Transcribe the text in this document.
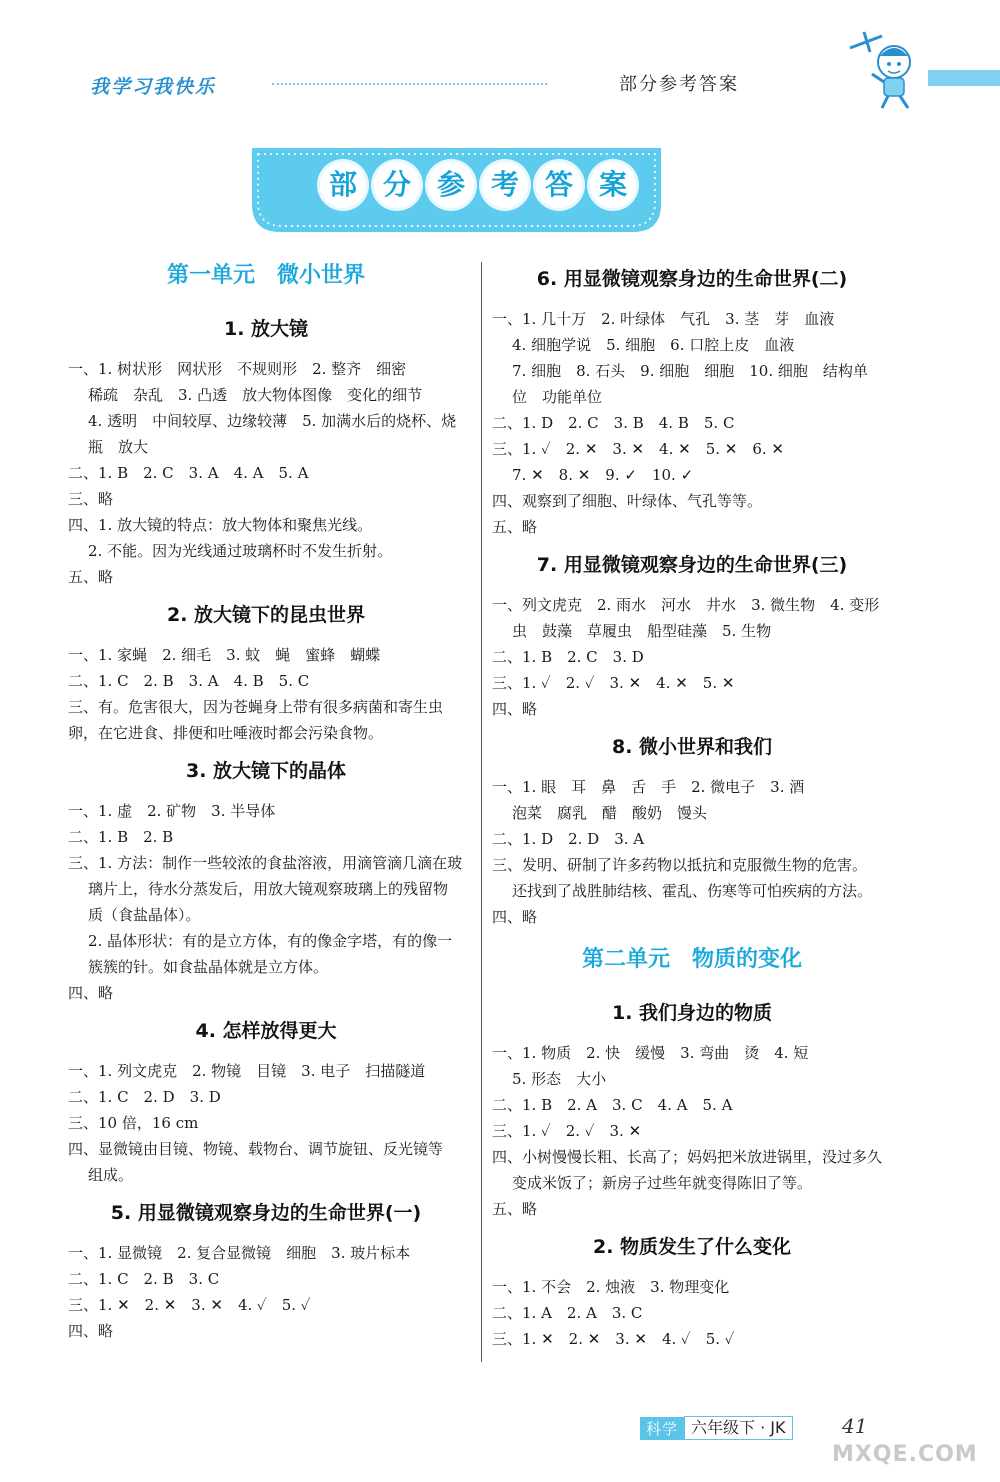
我学习我快乐	部分参考答案
部 分 参 考 答 案
第一单元　微小世界
1. 放大镜
一、1. 树状形　网状形　不规则形　2. 整齐　细密
稀疏　杂乱　3. 凸透　放大物体图像　变化的细节
4. 透明　中间较厚、边缘较薄　5. 加满水后的烧杯、烧
瓶　放大
二、1. B　2. C　3. A　4. A　5. A
三、略
四、1. 放大镜的特点：放大物体和聚焦光线。
2. 不能。因为光线通过玻璃杯时不发生折射。
五、略
2. 放大镜下的昆虫世界
一、1. 家蝇　2. 细毛　3. 蚊　蝇　蜜蜂　蝴蝶
二、1. C　2. B　3. A　4. B　5. C
三、有。危害很大，因为苍蝇身上带有很多病菌和寄生虫
卵，在它进食、排便和吐唾液时都会污染食物。
3. 放大镜下的晶体
一、1. 虚　2. 矿物　3. 半导体
二、1. B　2. B
三、1. 方法：制作一些较浓的食盐溶液，用滴管滴几滴在玻
璃片上，待水分蒸发后，用放大镜观察玻璃上的残留物
质（食盐晶体）。
2. 晶体形状：有的是立方体，有的像金字塔，有的像一
簇簇的针。如食盐晶体就是立方体。
四、略
4. 怎样放得更大
一、1. 列文虎克　2. 物镜　目镜　3. 电子　扫描隧道
二、1. C　2. D　3. D
三、10 倍，16 cm
四、显微镜由目镜、物镜、载物台、调节旋钮、反光镜等
组成。
5. 用显微镜观察身边的生命世界(一)
一、1. 显微镜　2. 复合显微镜　细胞　3. 玻片标本
二、1. C　2. B　3. C
三、1. ✕　2. ✕　3. ✕　4. ✓　5. ✓
四、略
6. 用显微镜观察身边的生命世界(二)
一、1. 几十万　2. 叶绿体　气孔　3. 茎　芽　血液
4. 细胞学说　5. 细胞　6. 口腔上皮　血液
7. 细胞　8. 石头　9. 细胞　细胞　10. 细胞　结构单
位　功能单位
二、1. D　2. C　3. B　4. B　5. C
三、1. ✓　2. ✕　3. ✕　4. ✕　5. ✕　6. ✕
7. ✕　8. ✕　9. ✓　10. ✓
四、观察到了细胞、叶绿体、气孔等等。
五、略
7. 用显微镜观察身边的生命世界(三)
一、列文虎克　2. 雨水　河水　井水　3. 微生物　4. 变形
虫　鼓藻　草履虫　船型硅藻　5. 生物
二、1. B　2. C　3. D
三、1. ✓　2. ✓　3. ✕　4. ✕　5. ✕
四、略
8. 微小世界和我们
一、1. 眼　耳　鼻　舌　手　2. 微电子　3. 酒
泡菜　腐乳　醋　酸奶　馒头
二、1. D　2. D　3. A
三、发明、研制了许多药物以抵抗和克服微生物的危害。
还找到了战胜肺结核、霍乱、伤寒等可怕疾病的方法。
四、略
第二单元　物质的变化
1. 我们身边的物质
一、1. 物质　2. 快　缓慢　3. 弯曲　烫　4. 短
5. 形态　大小
二、1. B　2. A　3. C　4. A　5. A
三、1. ✓　2. ✓　3. ✕
四、小树慢慢长粗、长高了；妈妈把米放进锅里，没过多久
变成米饭了；新房子过些年就变得陈旧了等。
五、略
2. 物质发生了什么变化
一、1. 不会　2. 烛液　3. 物理变化
二、1. A　2. A　3. C
三、1. ✕　2. ✕　3. ✕　4. ✓　5. ✓
科学 六年级下 · JK	41
MXQE.COM
